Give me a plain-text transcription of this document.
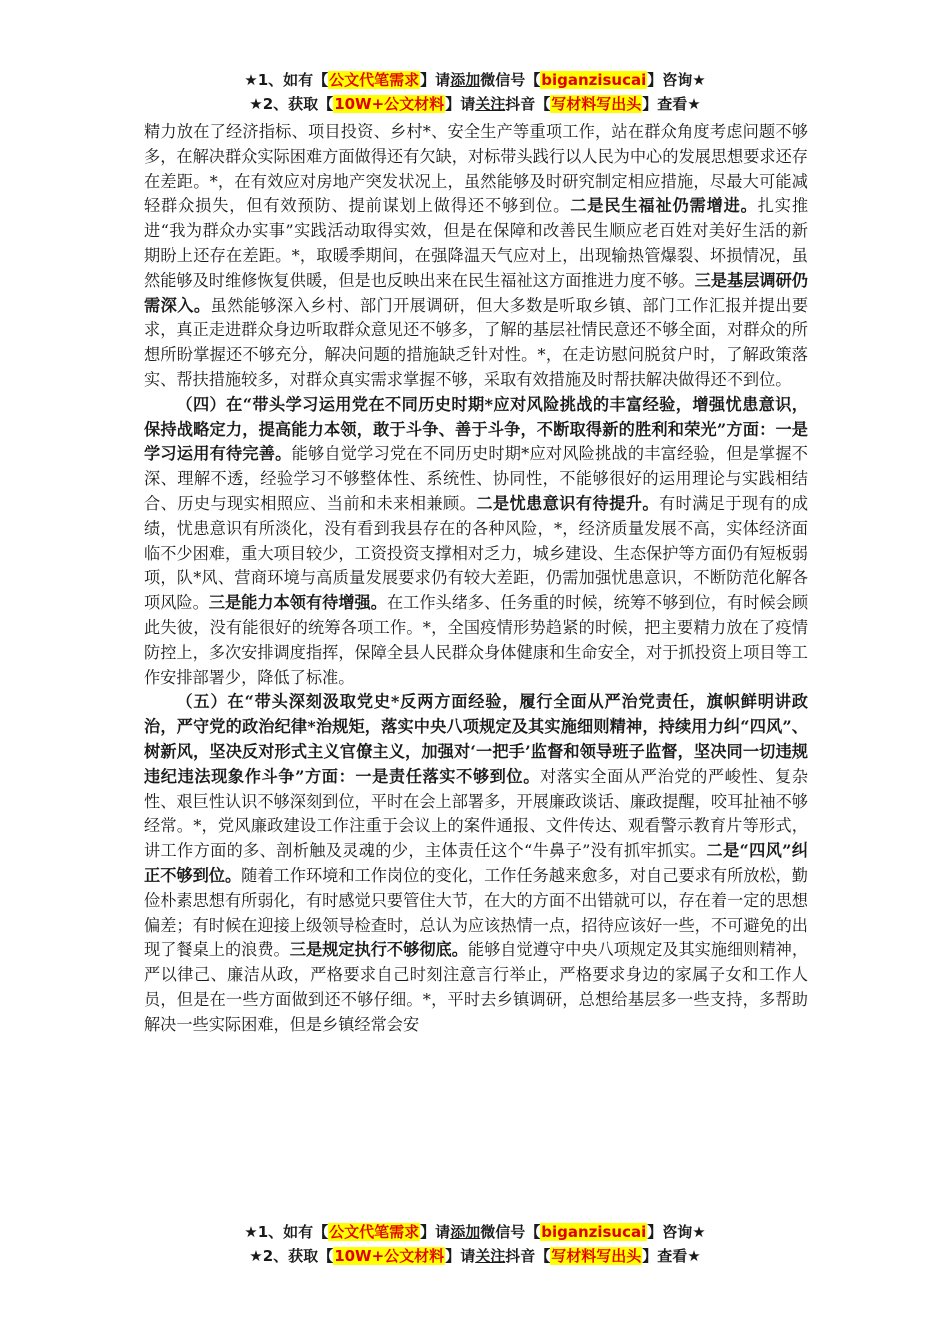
★1、如有【公文代笔需求】请添加微信号【biganzisucai】咨询★
★2、获取【10W+公文材料】请关注抖音【写材料写出头】查看★

精力放在了经济指标、项目投资、乡村*、安全生产等重项工作，站在群众角度考虑问题不够多，在解决群众实际困难方面做得还有欠缺，对标带头践行以人民为中心的发展思想要求还存在差距。*，在有效应对房地产突发状况上，虽然能够及时研究制定相应措施，尽最大可能减轻群众损失，但有效预防、提前谋划上做得还不够到位。二是民生福祉仍需增进。扎实推进“我为群众办实事”实践活动取得实效，但是在保障和改善民生顺应老百姓对美好生活的新期盼上还存在差距。*，取暖季期间，在强降温天气应对上，出现输热管爆裂、坏损情况，虽然能够及时维修恢复供暖，但是也反映出来在民生福祉这方面推进力度不够。三是基层调研仍需深入。虽然能够深入乡村、部门开展调研，但大多数是听取乡镇、部门工作汇报并提出要求，真正走进群众身边听取群众意见还不够多，了解的基层社情民意还不够全面，对群众的所想所盼掌握还不够充分，解决问题的措施缺乏针对性。*，在走访慰问脱贫户时，了解政策落实、帮扶措施较多，对群众真实需求掌握不够，采取有效措施及时帮扶解决做得还不到位。

（四）在“带头学习运用党在不同历史时期*应对风险挑战的丰富经验，增强忧患意识，保持战略定力，提高能力本领，敢于斗争、善于斗争，不断取得新的胜利和荣光”方面：一是学习运用有待完善。能够自觉学习党在不同历史时期*应对风险挑战的丰富经验，但是掌握不深、理解不透，经验学习不够整体性、系统性、协同性，不能够很好的运用理论与实践相结合、历史与现实相照应、当前和未来相兼顾。二是忧患意识有待提升。有时满足于现有的成绩，忧患意识有所淡化，没有看到我县存在的各种风险，*，经济质量发展不高，实体经济面临不少困难，重大项目较少，工资投资支撑相对乏力，城乡建设、生态保护等方面仍有短板弱项，队*风、营商环境与高质量发展要求仍有较大差距，仍需加强忧患意识，不断防范化解各项风险。三是能力本领有待增强。在工作头绪多、任务重的时候，统筹不够到位，有时候会顾此失彼，没有能很好的统筹各项工作。*，全国疫情形势趋紧的时候，把主要精力放在了疫情防控上，多次安排调度指挥，保障全县人民群众身体健康和生命安全，对于抓投资上项目等工作安排部署少，降低了标准。

（五）在“带头深刻汲取党史*反两方面经验，履行全面从严治党责任，旗帜鲜明讲政治，严守党的政治纪律*治规矩，落实中央八项规定及其实施细则精神，持续用力纠“四风”、树新风，坚决反对形式主义官僚主义，加强对‘一把手’监督和领导班子监督，坚决同一切违规违纪违法现象作斗争”方面：一是责任落实不够到位。对落实全面从严治党的严峻性、复杂性、艰巨性认识不够深刻到位，平时在会上部署多，开展廉政谈话、廉政提醒，咬耳扯袖不够经常。*，党风廉政建设工作注重于会议上的案件通报、文件传达、观看警示教育片等形式，讲工作方面的多、剖析触及灵魂的少，主体责任这个“牛鼻子”没有抓牢抓实。二是“四风”纠正不够到位。随着工作环境和工作岗位的变化，工作任务越来愈多，对自己要求有所放松，勤俭朴素思想有所弱化，有时感觉只要管住大节，在大的方面不出错就可以，存在着一定的思想偏差；有时候在迎接上级领导检查时，总认为应该热情一点，招待应该好一些，不可避免的出现了餐桌上的浪费。三是规定执行不够彻底。能够自觉遵守中央八项规定及其实施细则精神，严以律己、廉洁从政，严格要求自己时刻注意言行举止，严格要求身边的家属子女和工作人员，但是在一些方面做到还不够仔细。*，平时去乡镇调研，总想给基层多一些支持，多帮助解决一些实际困难，但是乡镇经常会安

★1、如有【公文代笔需求】请添加微信号【biganzisucai】咨询★
★2、获取【10W+公文材料】请关注抖音【写材料写出头】查看★
